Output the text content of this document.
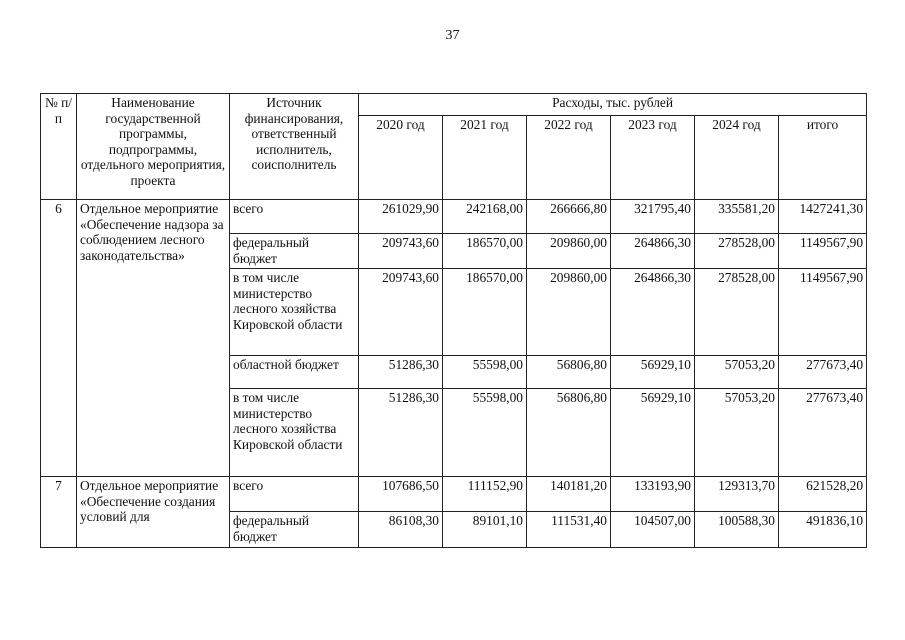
37
№ п/п	Наименование государственной программы, подпрограммы, отдельного мероприятия, проекта	Источник финансирования, ответственный исполнитель, соисполнитель	Расходы, тыс. рублей					
			2020 год	2021 год	2022 год	2023 год	2024 год	итого
6	Отдельное мероприятие «Обеспечение надзора за соблюдением лесного законодательства»	всего	261029,90	242168,00	266666,80	321795,40	335581,20	1427241,30
		федеральный бюджет	209743,60	186570,00	209860,00	264866,30	278528,00	1149567,90
		в том числе министерство лесного хозяйства Кировской области	209743,60	186570,00	209860,00	264866,30	278528,00	1149567,90
		областной бюджет	51286,30	55598,00	56806,80	56929,10	57053,20	277673,40
		в том числе министерство лесного хозяйства Кировской области	51286,30	55598,00	56806,80	56929,10	57053,20	277673,40
7	Отдельное мероприятие «Обеспечение создания условий для	всего	107686,50	111152,90	140181,20	133193,90	129313,70	621528,20
		федеральный бюджет	86108,30	89101,10	111531,40	104507,00	100588,30	491836,10
